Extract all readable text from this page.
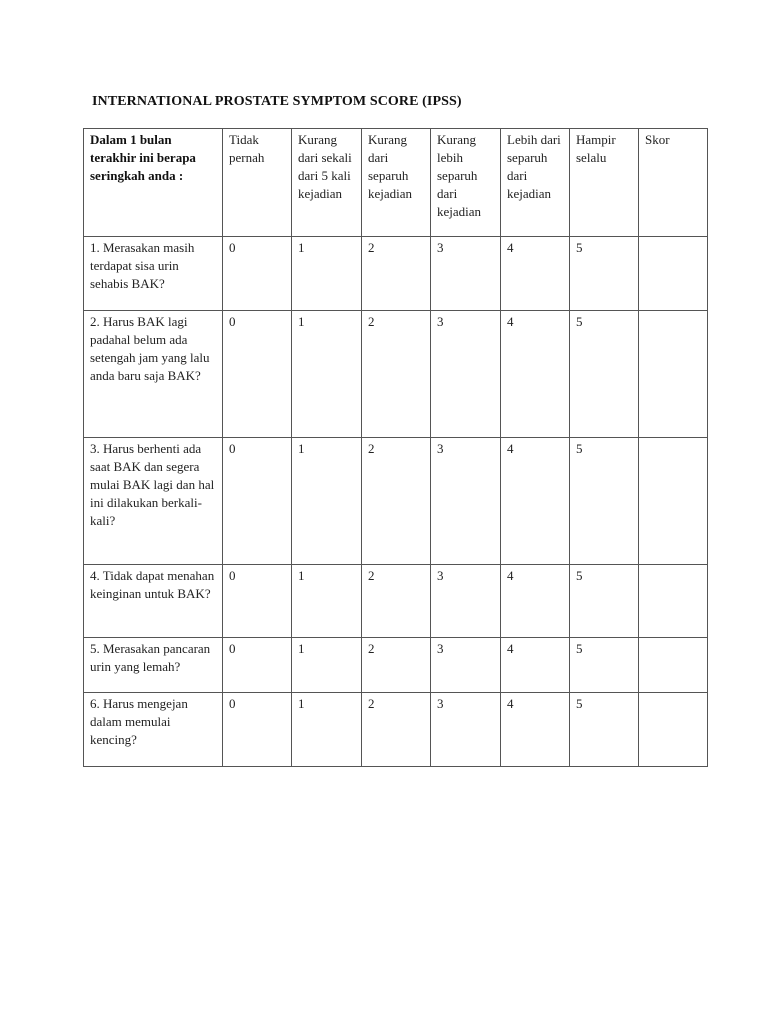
INTERNATIONAL PROSTATE SYMPTOM SCORE (IPSS)
Dalam 1 bulan terakhir ini berapa seringkah anda :	Tidak pernah	Kurang dari sekali dari 5 kali kejadian	Kurang dari separuh kejadian	Kurang lebih separuh dari kejadian	Lebih dari separuh dari kejadian	Hampir selalu	Skor
1. Merasakan masih terdapat sisa urin sehabis BAK?	0	1	2	3	4	5	
2. Harus BAK lagi padahal belum ada setengah jam yang lalu anda baru saja BAK?	0	1	2	3	4	5	
3. Harus berhenti ada saat BAK dan segera mulai BAK lagi dan hal ini dilakukan berkali-kali?	0	1	2	3	4	5	
4. Tidak dapat menahan keinginan untuk BAK?	0	1	2	3	4	5	
5. Merasakan pancaran urin yang lemah?	0	1	2	3	4	5	
6. Harus mengejan dalam memulai kencing?	0	1	2	3	4	5	
